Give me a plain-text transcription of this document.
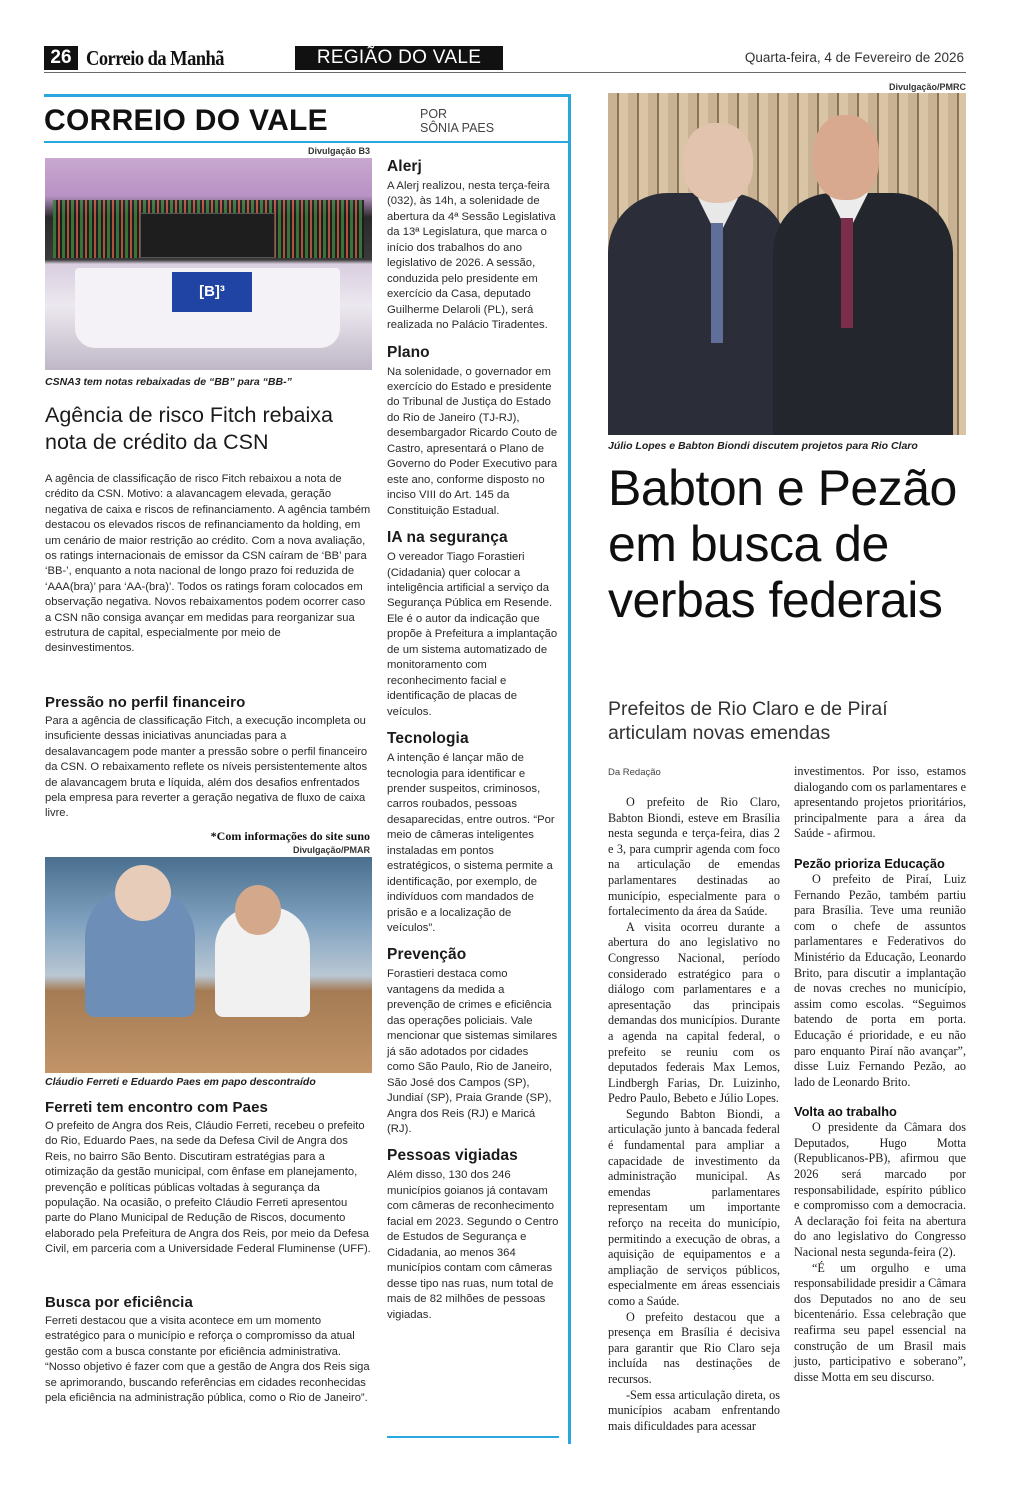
26 Correio da Manhã	REGIÃO DO VALE	Quarta-feira, 4 de Fevereiro de 2026
CORREIO DO VALE	POR
SÔNIA PAES
Divulgação B3
[B]³
CSNA3 tem notas rebaixadas de “BB” para “BB-”
Agência de risco Fitch rebaixa nota de crédito da CSN

A agência de classificação de risco Fitch rebaixou a nota de crédito da CSN. Motivo: a alavancagem elevada, geração negativa de caixa e riscos de refinanciamento. A agência também destacou os elevados riscos de refinanciamento da holding, em um cenário de maior restrição ao crédito. Com a nova avaliação, os ratings internacionais de emissor da CSN caíram de ‘BB’ para ‘BB-’, enquanto a nota nacional de longo prazo foi reduzida de ‘AAA(bra)’ para ‘AA-(bra)’. Todos os ratings foram colocados em observação negativa. Novos rebaixamentos podem ocorrer caso a CSN não consiga avançar em medidas para reorganizar sua estrutura de capital, especialmente por meio de desinvestimentos.

Pressão no perfil financeiro

Para a agência de classificação Fitch, a execução incompleta ou insuficiente dessas iniciativas anunciadas para a desalavancagem pode manter a pressão sobre o perfil financeiro da CSN. O rebaixamento reflete os níveis persistentemente altos de alavancagem bruta e líquida, além dos desafios enfrentados pela empresa para reverter a geração negativa de fluxo de caixa livre.

*Com informações do site suno
Divulgação/PMAR
Cláudio Ferreti e Eduardo Paes em papo descontraído
Ferreti tem encontro com Paes

O prefeito de Angra dos Reis, Cláudio Ferreti, recebeu o prefeito do Rio, Eduardo Paes, na sede da Defesa Civil de Angra dos Reis, no bairro São Bento. Discutiram estratégias para a otimização da gestão municipal, com ênfase em planejamento, prevenção e políticas públicas voltadas à segurança da população. Na ocasião, o prefeito Cláudio Ferreti apresentou parte do Plano Municipal de Redução de Riscos, documento elaborado pela Prefeitura de Angra dos Reis, por meio da Defesa Civil, em parceria com a Universidade Federal Fluminense (UFF).

Busca por eficiência

Ferreti destacou que a visita acontece em um momento estratégico para o município e reforça o compromisso da atual gestão com a busca constante por eficiência administrativa. “Nosso objetivo é fazer com que a gestão de Angra dos Reis siga se aprimorando, buscando referências em cidades reconhecidas pela eficiência na administração pública, como o Rio de Janeiro”.

Alerj

A Alerj realizou, nesta terça-feira (032), às 14h, a solenidade de abertura da 4ª Sessão Legislativa da 13ª Legislatura, que marca o início dos trabalhos do ano legislativo de 2026. A sessão, conduzida pelo presidente em exercício da Casa, deputado Guilherme Delaroli (PL), será realizada no Palácio Tiradentes.

Plano

Na solenidade, o governador em exercício do Estado e presidente do Tribunal de Justiça do Estado do Rio de Janeiro (TJ-RJ), desembargador Ricardo Couto de Castro, apresentará o Plano de Governo do Poder Executivo para este ano, conforme disposto no inciso VIII do Art. 145 da Constituição Estadual.

IA na segurança

O vereador Tiago Forastieri (Cidadania) quer colocar a inteligência artificial a serviço da Segurança Pública em Resende. Ele é o autor da indicação que propõe à Prefeitura a implantação de um sistema automatizado de monitoramento com reconhecimento facial e identificação de placas de veículos.

Tecnologia

A intenção é lançar mão de tecnologia para identificar e prender suspeitos, criminosos, carros roubados, pessoas desaparecidas, entre outros. “Por meio de câmeras inteligentes instaladas em pontos estratégicos, o sistema permite a identificação, por exemplo, de indivíduos com mandados de prisão e a localização de veículos”.

Prevenção

Forastieri destaca como vantagens da medida a prevenção de crimes e eficiência das operações policiais. Vale mencionar que sistemas similares já são adotados por cidades como São Paulo, Rio de Janeiro, São José dos Campos (SP), Jundiaí (SP), Praia Grande (SP), Angra dos Reis (RJ) e Maricá (RJ).

Pessoas vigiadas

Além disso, 130 dos 246 municípios goianos já contavam com câmeras de reconhecimento facial em 2023. Segundo o Centro de Estudos de Segurança e Cidadania, ao menos 364 municípios contam com câmeras desse tipo nas ruas, num total de mais de 82 milhões de pessoas vigiadas.

Divulgação/PMRC
Júlio Lopes e Babton Biondi discutem projetos para Rio Claro
Babton e Pezão em busca de verbas federais
Prefeitos de Rio Claro e de Piraí articulam novas emendas
Da Redação

O prefeito de Rio Claro, Babton Biondi, esteve em Brasília nesta segunda e terça-feira, dias 2 e 3, para cumprir agenda com foco na articulação de emendas parlamentares destinadas ao município, especialmente para o fortalecimento da área da Saúde.

A visita ocorreu durante a abertura do ano legislativo no Congresso Nacional, período considerado estratégico para o diálogo com parlamentares e a apresentação das principais demandas dos municípios. Durante a agenda na capital federal, o prefeito se reuniu com os deputados federais Max Lemos, Lindbergh Farias, Dr. Luizinho, Pedro Paulo, Bebeto e Júlio Lopes.

Segundo Babton Biondi, a articulação junto à bancada federal é fundamental para ampliar a capacidade de investimento da administração municipal. As emendas parlamentares representam um importante reforço na receita do município, permitindo a execução de obras, a aquisição de equipamentos e a ampliação de serviços públicos, especialmente em áreas essenciais como a Saúde.

O prefeito destacou que a presença em Brasília é decisiva para garantir que Rio Claro seja incluída nas destinações de recursos.

-Sem essa articulação direta, os municípios acabam enfrentando mais dificuldades para acessar

investimentos. Por isso, estamos dialogando com os parlamentares e apresentando projetos prioritários, principalmente para a área da Saúde - afirmou.

Pezão prioriza Educação

O prefeito de Piraí, Luiz Fernando Pezão, também partiu para Brasília. Teve uma reunião com o chefe de assuntos parlamentares e Federativos do Ministério da Educação, Leonardo Brito, para discutir a implantação de novas creches no município, assim como escolas. “Seguimos batendo de porta em porta. Educação é prioridade, e eu não paro enquanto Piraí não avançar”, disse Luiz Fernando Pezão, ao lado de Leonardo Brito.

Volta ao trabalho

O presidente da Câmara dos Deputados, Hugo Motta (Republicanos-PB), afirmou que 2026 será marcado por responsabilidade, espírito público e compromisso com a democracia. A declaração foi feita na abertura do ano legislativo do Congresso Nacional nesta segunda-feira (2).

“É um orgulho e uma responsabilidade presidir a Câmara dos Deputados no ano de seu bicentenário. Essa celebração que reafirma seu papel essencial na construção de um Brasil mais justo, participativo e soberano”, disse Motta em seu discurso.
